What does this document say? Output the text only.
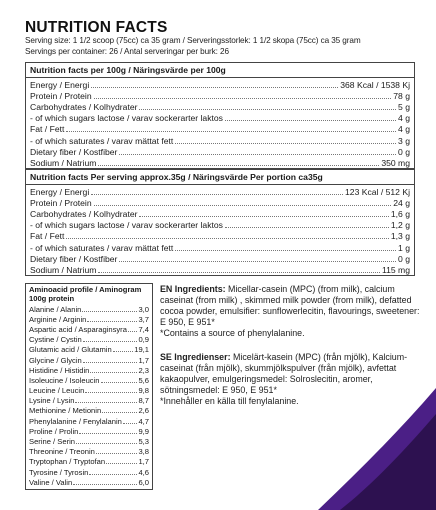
NUTRITION FACTS
Serving size: 1 1/2 scoop (75cc) ca 35 gram / Serveringsstorlek: 1 1/2 skopa (75cc) ca 35 gram
Servings per container: 26 / Antal serveringar per burk: 26
Nutrition facts per 100g / Näringsvärde per 100g
Energy / Energi	368 Kcal / 1538 Kj
Protein / Protein	78 g
Carbohydrates / Kolhydrater	5 g
- of which sugars lactose / varav sockerarter laktos	4 g
Fat / Fett	4 g
- of which saturates / varav mättat fett	3 g
Dietary fiber / Kostfiber	0 g
Sodium / Natrium	350 mg
Nutrition facts Per serving approx.35g / Näringsvärde Per portion ca35g
Energy / Energi	123 Kcal / 512 Kj
Protein / Protein	24 g
Carbohydrates / Kolhydrater	1,6 g
- of which sugars lactose / varav sockerarter laktos	1,2 g
Fat / Fett	1,3 g
- of which saturates / varav mättat fett	1 g
Dietary fiber / Kostfiber	0 g
Sodium / Natrium	115 mg
Aminoacid profile / Aminogram
100g protein
Alanine / Alanin	3,0
Arginine / Arginin	3,7
Aspartic acid / Asparaginsyra 7,4
Cystine / Cystin	0,9
Glutamic acid / Glutamin	19,1
Glycine / Glycin	1,7
Histidine / Histidin	2,3
Isoleucine / Isoleucin	5,6
Leucine / Leucin	9,8
Lysine / Lysin	8,7
Methionine / Metionin	2,6
Phenylalanine / Fenylalanin 4,7
Proline / Prolin	9,9
Serine / Serin	5,3
Threonine / Treonin	3,8
Tryptophan / Tryptofan	1,7
Tyrosine / Tyrosin	4,6
Valine / Valin	6,0
EN Ingredients: Micellar-casein (MPC) (from milk), calcium caseinat (from milk) , skimmed milk powder (from milk), defatted cocoa powder, emulsifier: sunflowerlecitin, flavourings, sweetener: E 950, E 951*
*Contains a source of phenylalanine.
SE Ingredienser: Micelärt-kasein (MPC) (från mjölk), Kalcium-caseinat (från mjölk), skummjölkspulver (från mjölk), avfettat kakaopulver, emulgeringsmedel: Solroslecitin, aromer, sötningsmedel: E 950, E 951*
*Innehåller en källa till fenylalanine.
